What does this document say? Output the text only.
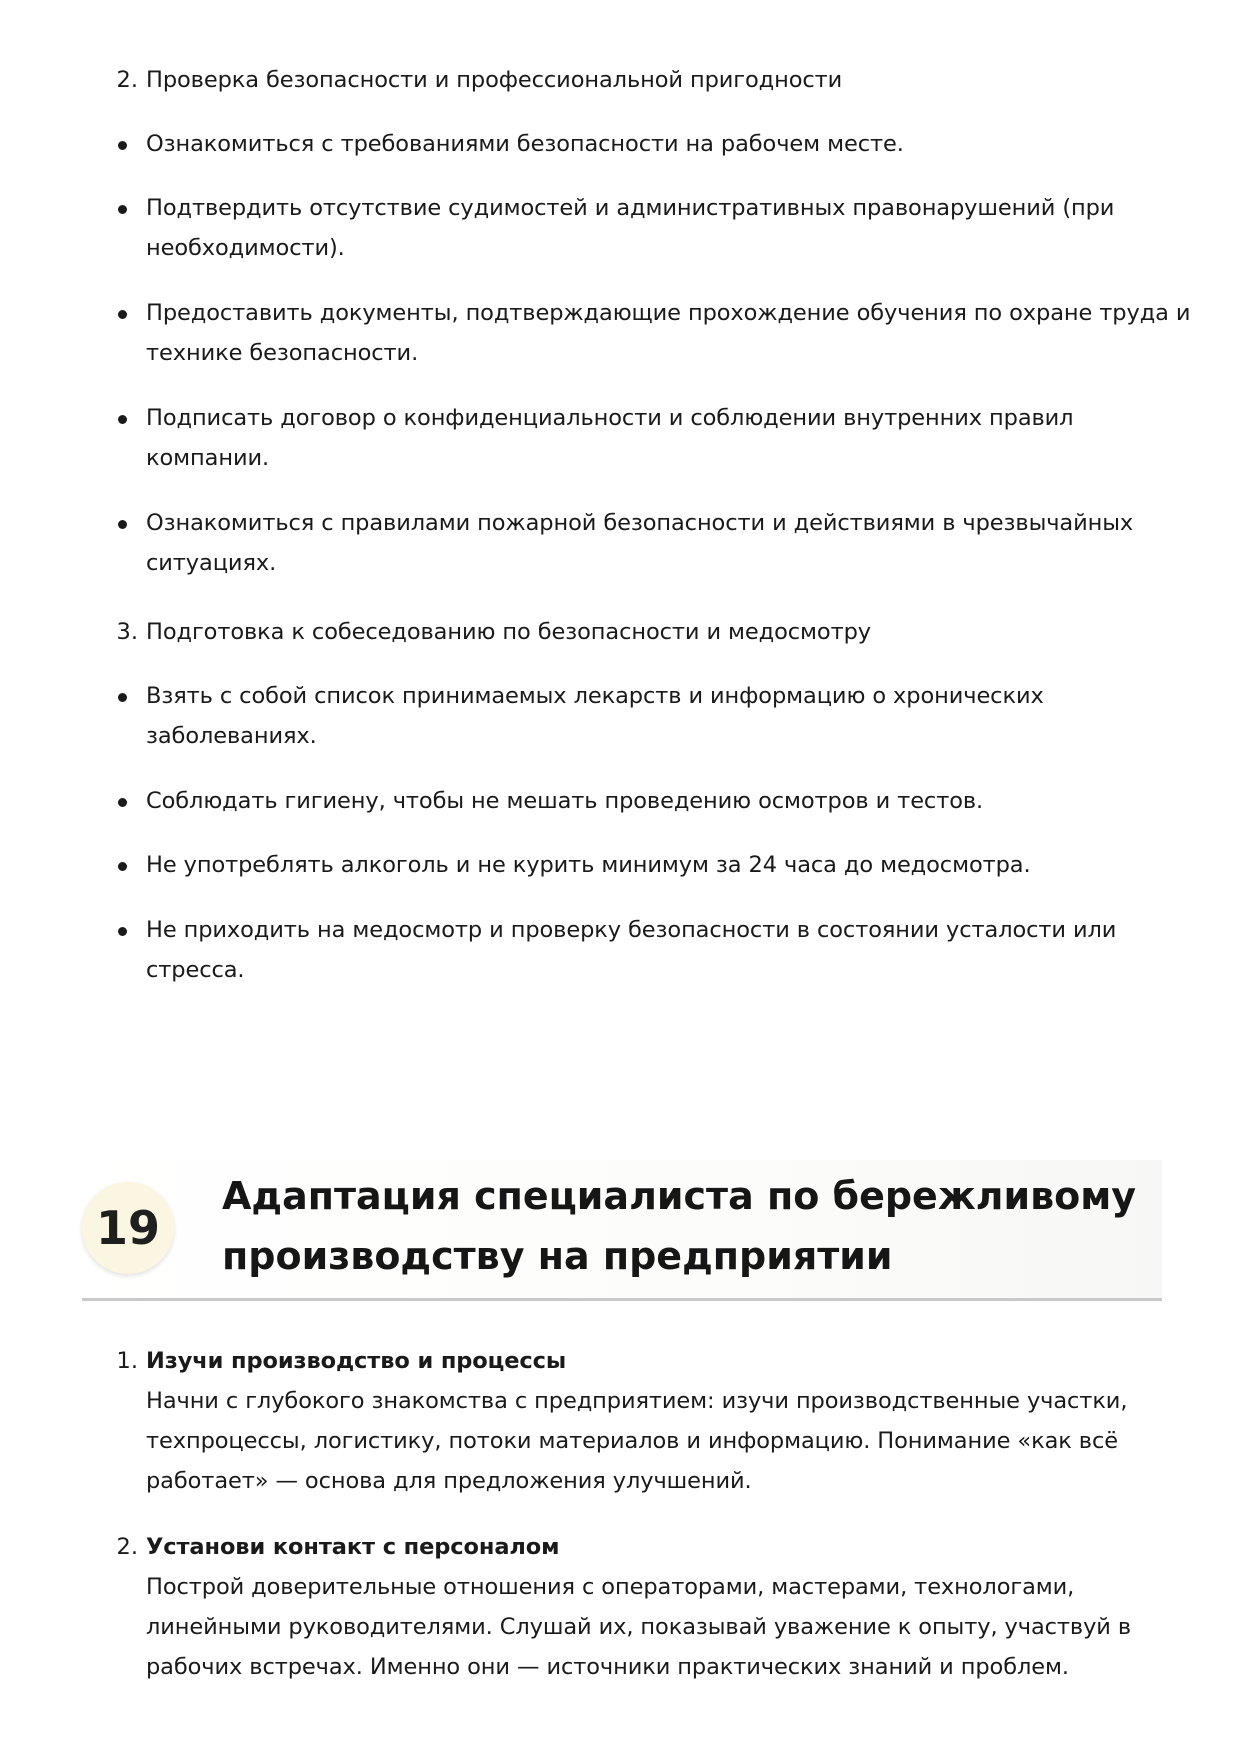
2. Проверка безопасности и профессиональной пригодности
Ознакомиться с требованиями безопасности на рабочем месте.
Подтвердить отсутствие судимостей и административных правонарушений (при
необходимости).
Предоставить документы, подтверждающие прохождение обучения по охране труда и
технике безопасности.
Подписать договор о конфиденциальности и соблюдении внутренних правил
компании.
Ознакомиться с правилами пожарной безопасности и действиями в чрезвычайных
ситуациях.
3. Подготовка к собеседованию по безопасности и медосмотру
Взять с собой список принимаемых лекарств и информацию о хронических
заболеваниях.
Соблюдать гигиену, чтобы не мешать проведению осмотров и тестов.
Не употреблять алкоголь и не курить минимум за 24 часа до медосмотра.
Не приходить на медосмотр и проверку безопасности в состоянии усталости или
стресса.
19
Адаптация специалиста по бережливому
производству на предприятии
1. Изучи производство и процессы
Начни с глубокого знакомства с предприятием: изучи производственные участки,
техпроцессы, логистику, потоки материалов и информацию. Понимание «как всё
работает» — основа для предложения улучшений.
2. Установи контакт с персоналом
Построй доверительные отношения с операторами, мастерами, технологами,
линейными руководителями. Слушай их, показывай уважение к опыту, участвуй в
рабочих встречах. Именно они — источники практических знаний и проблем.
